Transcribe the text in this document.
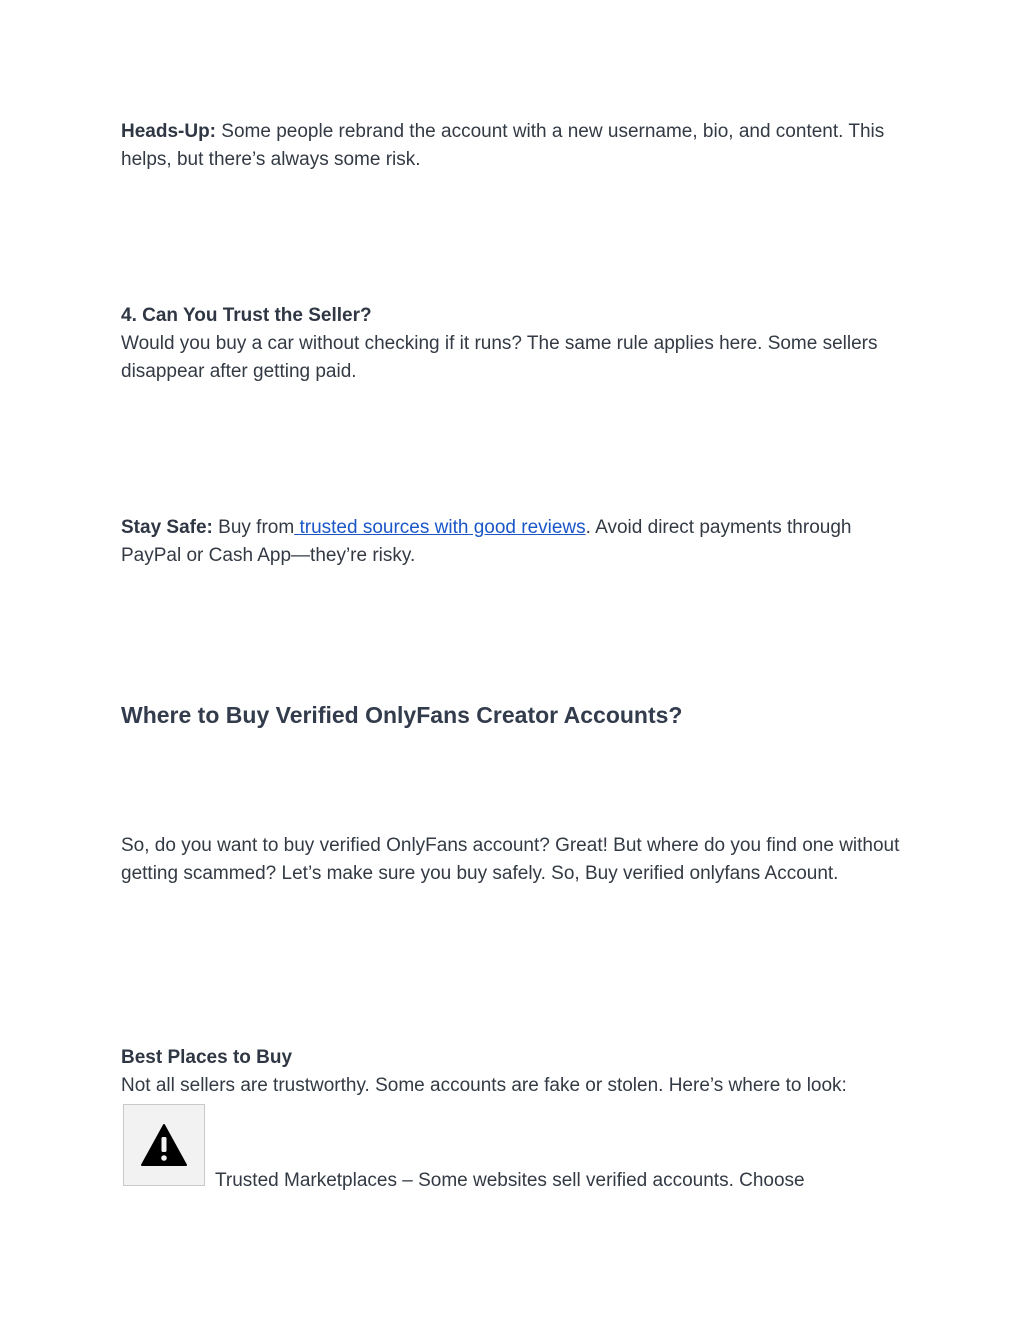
Heads-Up: Some people rebrand the account with a new username, bio, and content. This helps, but there’s always some risk.
4. Can You Trust the Seller?
Would you buy a car without checking if it runs? The same rule applies here. Some sellers disappear after getting paid.
Stay Safe: Buy from trusted sources with good reviews. Avoid direct payments through PayPal or Cash App—they’re risky.
Where to Buy Verified OnlyFans Creator Accounts?
So, do you want to buy verified OnlyFans account? Great! But where do you find one without getting scammed? Let’s make sure you buy safely. So, Buy verified onlyfans Account.
Best Places to Buy
Not all sellers are trustworthy. Some accounts are fake or stolen. Here’s where to look:
Trusted Marketplaces – Some websites sell verified accounts. Choose
